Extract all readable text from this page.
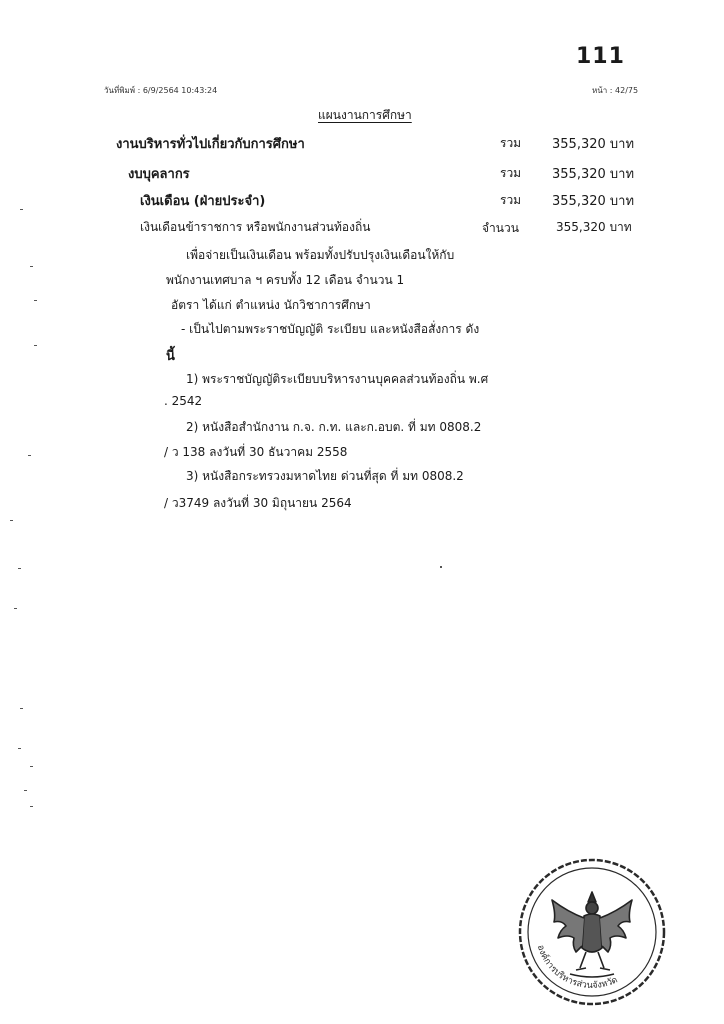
111
วันที่พิมพ์ : 6/9/2564 10:43:24	หน้า : 42/75
แผนงานการศึกษา
งานบริหารทั่วไปเกี่ยวกับการศึกษา	รวม 355,320 บาท
งบบุคลากร	รวม 355,320 บาท
เงินเดือน (ฝ่ายประจำ)	รวม 355,320 บาท
เงินเดือนข้าราชการ หรือพนักงานส่วนท้องถิ่น	จำนวน	355,320 บาท
เพื่อจ่ายเป็นเงินเดือน พร้อมทั้งปรับปรุงเงินเดือนให้กับ
พนักงานเทศบาล ฯ ครบทั้ง 12 เดือน จำนวน 1
อัตรา ได้แก่ ตำแหน่ง นักวิชาการศึกษา
- เป็นไปตามพระราชบัญญัติ ระเบียบ และหนังสือสั่งการ ดัง
นี้
1) พระราชบัญญัติระเบียบบริหารงานบุคคลส่วนท้องถิ่น พ.ศ
. 2542
2) หนังสือสำนักงาน ก.จ. ก.ท. และก.อบต. ที่ มท 0808.2
/ ว 138 ลงวันที่ 30 ธันวาคม 2558
3) หนังสือกระทรวงมหาดไทย ด่วนที่สุด ที่ มท 0808.2
/ ว3749 ลงวันที่ 30 มิถุนายน 2564
องค์การบริหารส่วนจังหวัด
